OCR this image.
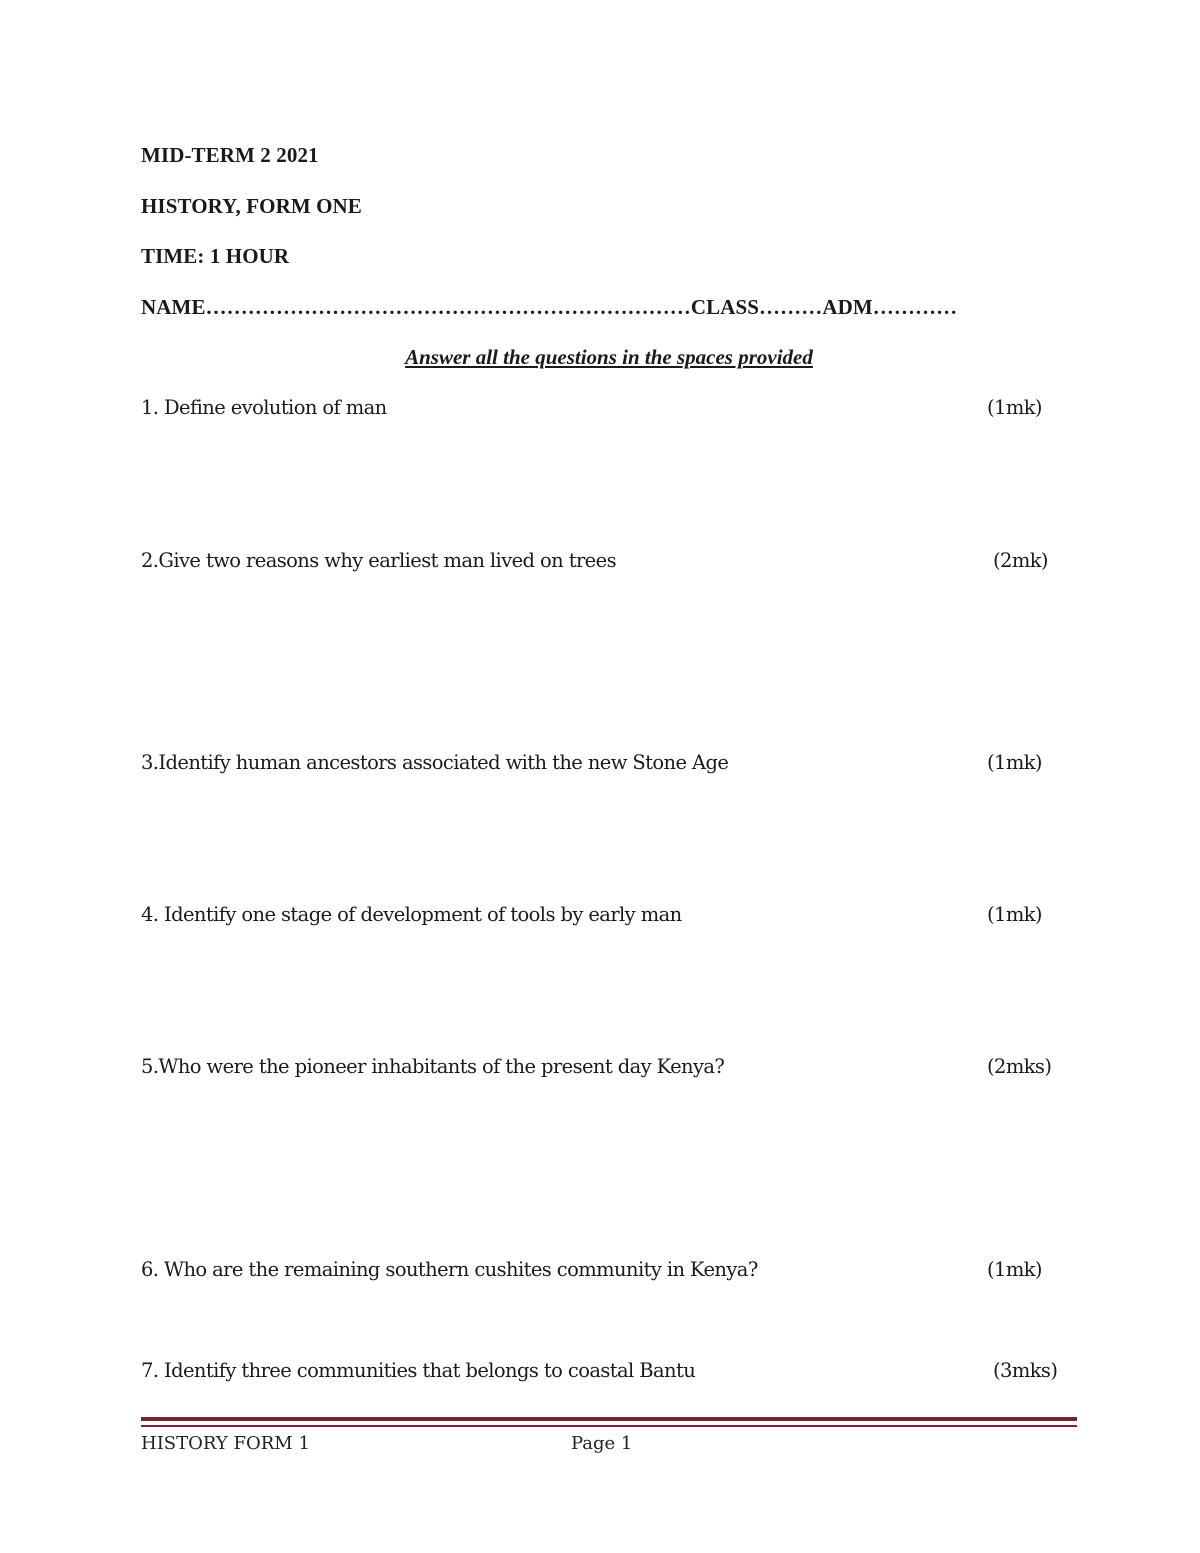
MID-TERM 2 2021
HISTORY, FORM ONE
TIME: 1 HOUR
NAME……………………………………………………………CLASS………ADM…………
Answer all the questions in the spaces provided
1. Define evolution of man	(1mk)
2.Give two reasons why earliest man lived on trees	(2mk)
3.Identify human ancestors associated with the new Stone Age	(1mk)
4. Identify one stage of development of tools by early man	(1mk)
5.Who were the pioneer inhabitants of the present day Kenya?	(2mks)
6. Who are the remaining southern cushites community in Kenya?	(1mk)
7. Identify three communities that belongs to coastal Bantu	(3mks)
HISTORY FORM 1	Page 1
